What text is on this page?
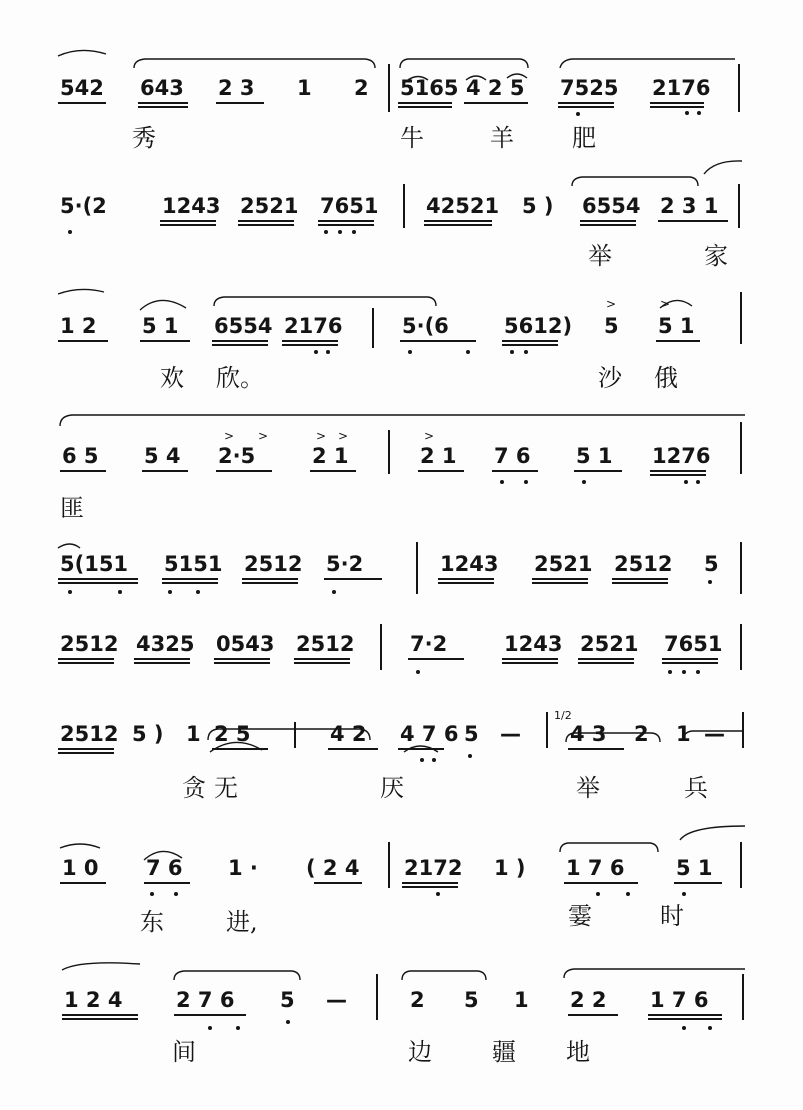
542 643 2 3 1 2 5165 4 2 5 7525 2176
秀	牛	羊 肥
5·(2	1243 2521 7651 42521 5 ) 6554 2 3 1
举	家
1 2 5 1 6554 2176	5·(6	5612) 5 5 1
>	>
欢 欣。	沙 俄
6 5 5 4 2·5	2 1	2 1 7 6 5 1 1276
> >	> >	>
匪
5(151 5151 2512 5·2	1243 2521 2512 5
2512 4325 0543 2512	7·2	1243 2521 7651
2512 5 ) 1 2 5	4 2 4 7 6 5 —
1/2
4 3 2 1 —
贪 无	厌	举	兵
1 0 7 6 1 · ( 2 4 2172 1 ) 1 7 6 5 1
东	进,	霎	时
1 2 4	2 7 6 5 —	2 5 1 2 2 1 7 6
间	边	疆 地
